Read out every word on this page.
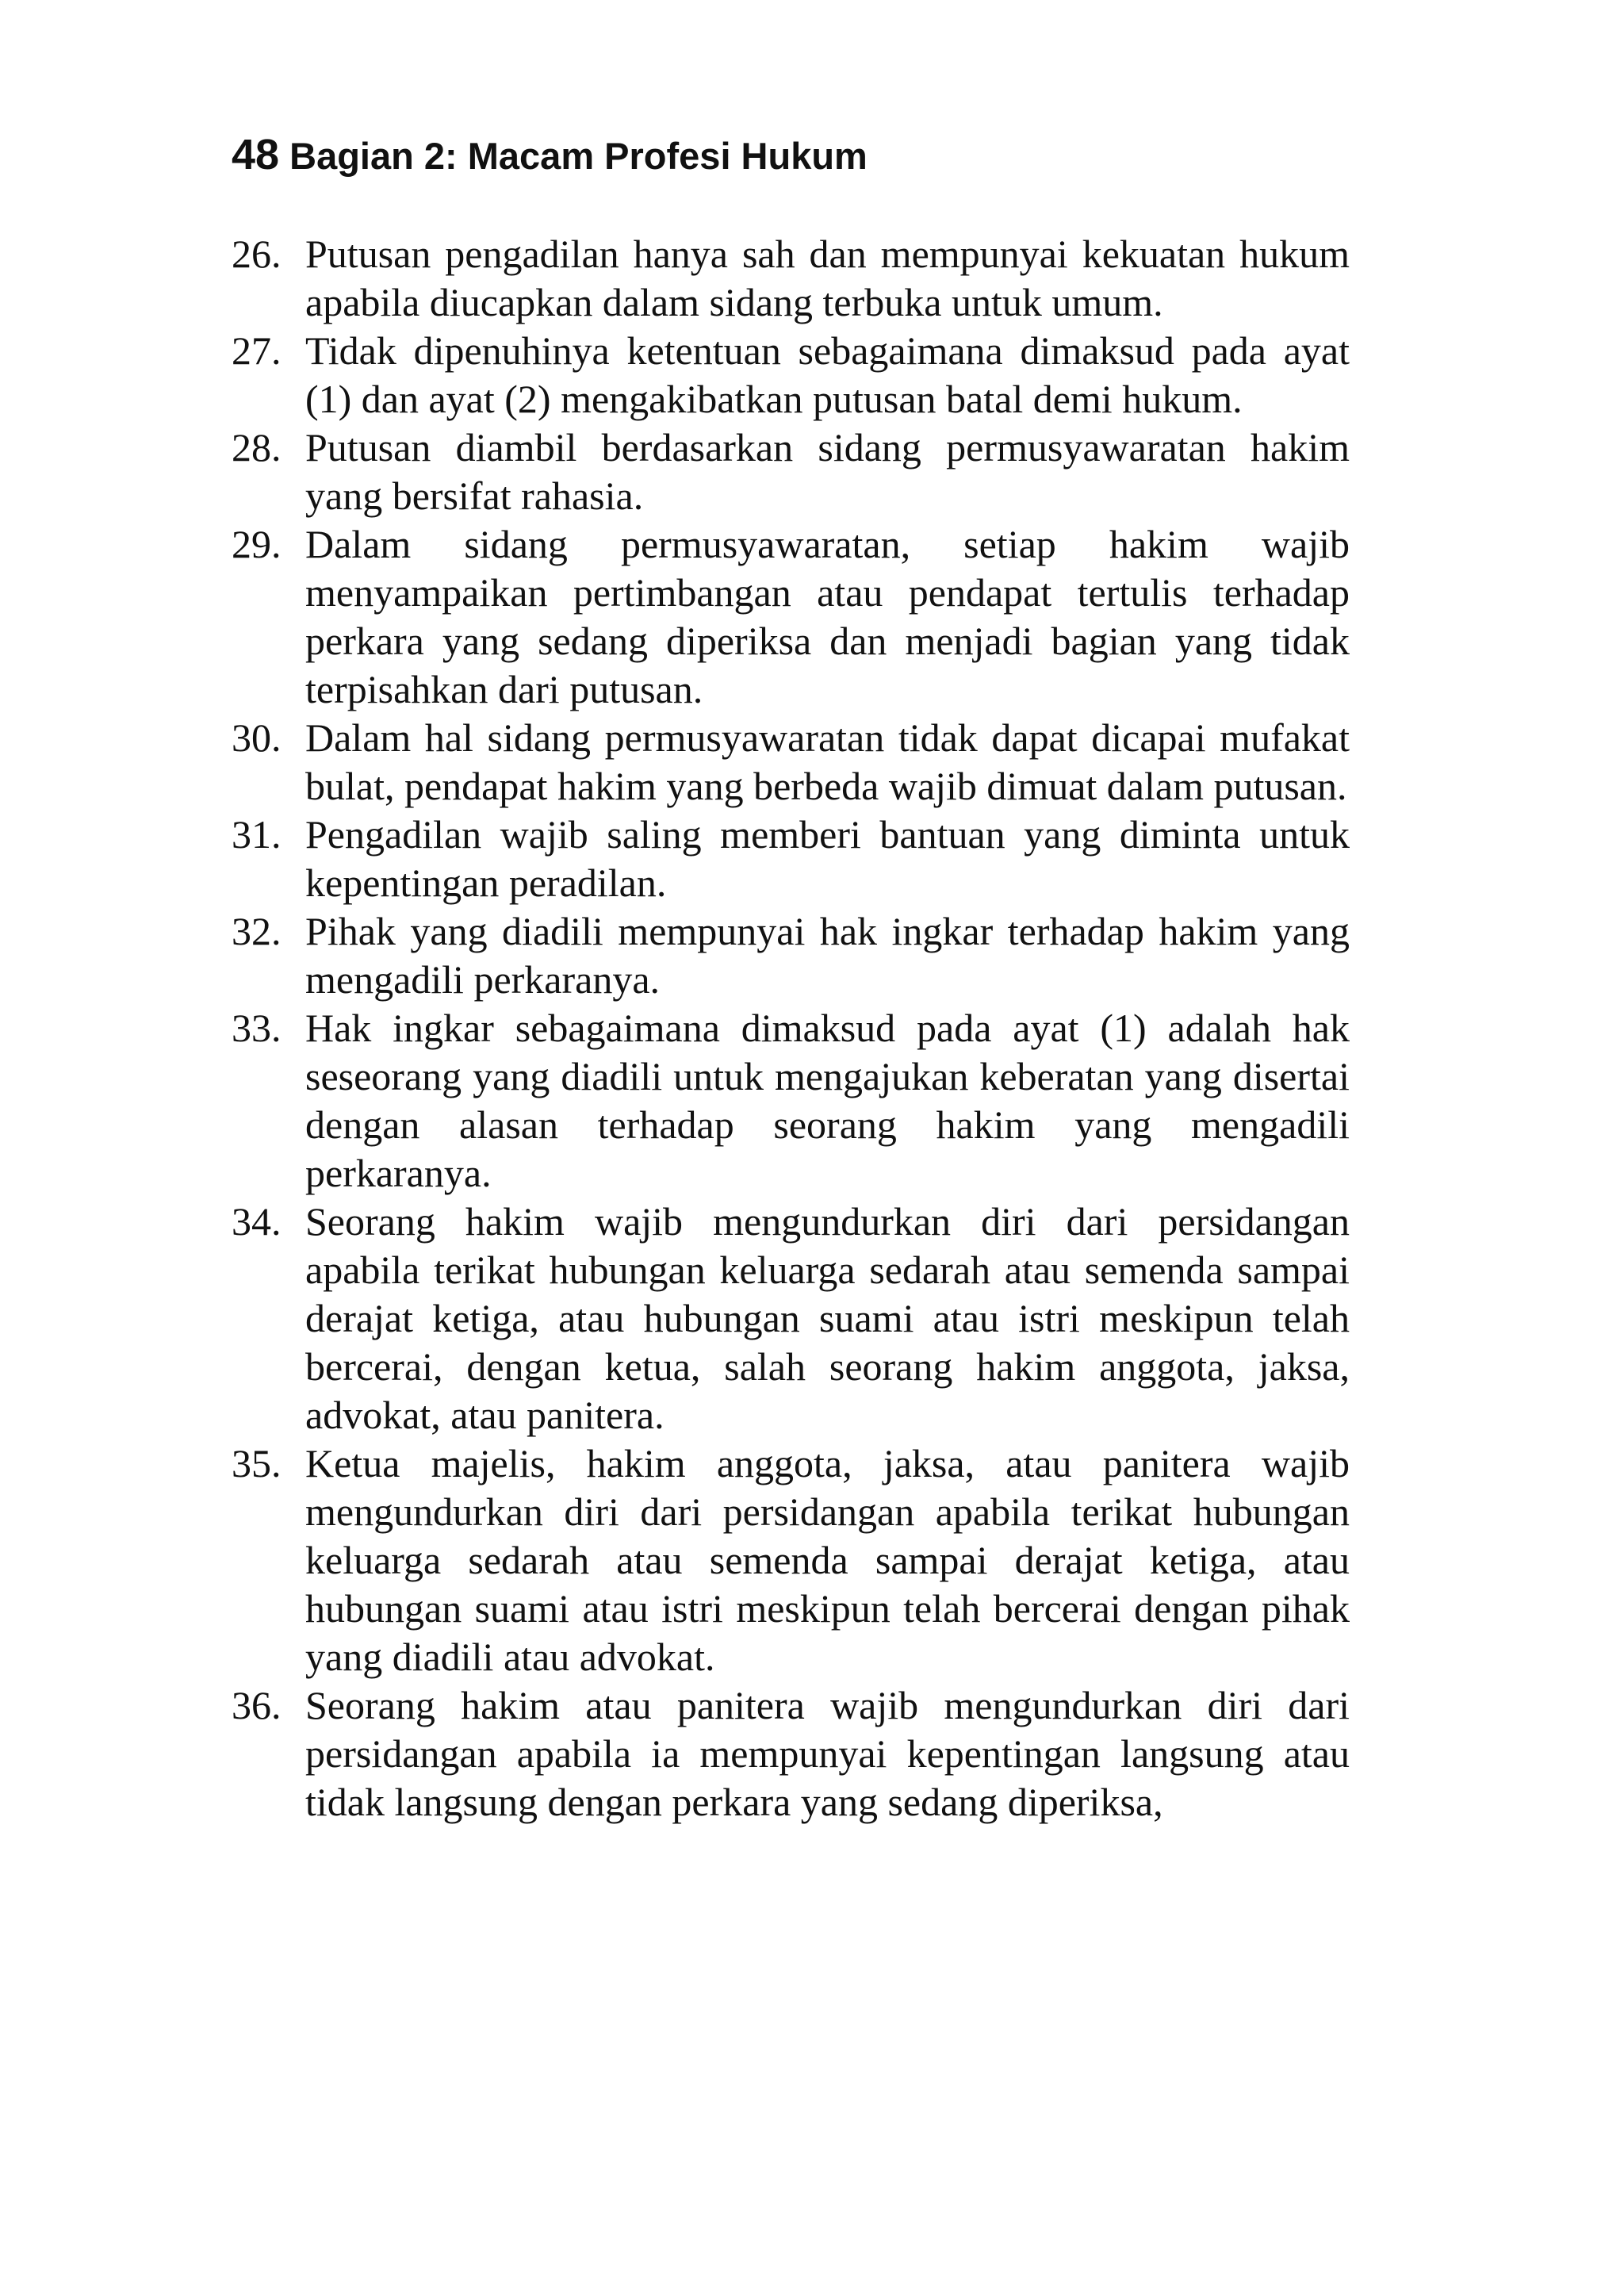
48 Bagian 2: Macam Profesi Hukum
26. Putusan pengadilan hanya sah dan mempunyai kekuatan hukum apabila diucapkan dalam sidang terbuka untuk umum.
27. Tidak dipenuhinya ketentuan sebagaimana dimaksud pada ayat (1) dan ayat (2) mengakibatkan putusan batal demi hukum.
28. Putusan diambil berdasarkan sidang permusyawaratan hakim yang bersifat rahasia.
29. Dalam sidang permusyawaratan, setiap hakim wajib menyampaikan pertimbangan atau pendapat tertulis terhadap perkara yang sedang diperiksa dan menjadi bagian yang tidak terpisahkan dari putusan.
30. Dalam hal sidang permusyawaratan tidak dapat dicapai mufakat bulat, pendapat hakim yang berbeda wajib dimuat dalam putusan.
31. Pengadilan wajib saling memberi bantuan yang diminta untuk kepentingan peradilan.
32. Pihak yang diadili mempunyai hak ingkar terhadap hakim yang mengadili perkaranya.
33. Hak ingkar sebagaimana dimaksud pada ayat (1) adalah hak seseorang yang diadili untuk mengajukan keberatan yang disertai dengan alasan terhadap seorang hakim yang mengadili perkaranya.
34. Seorang hakim wajib mengundurkan diri dari persidangan apabila terikat hubungan keluarga sedarah atau semenda sampai derajat ketiga, atau hubungan suami atau istri meskipun telah bercerai, dengan ketua, salah seorang hakim anggota, jaksa, advokat, atau panitera.
35. Ketua majelis, hakim anggota, jaksa, atau panitera wajib mengundurkan diri dari persidangan apabila terikat hubungan keluarga sedarah atau semenda sampai derajat ketiga, atau hubungan suami atau istri meskipun telah bercerai dengan pihak yang diadili atau advokat.
36. Seorang hakim atau panitera wajib mengundurkan diri dari persidangan apabila ia mempunyai kepentingan langsung atau tidak langsung dengan perkara yang sedang diperiksa,
